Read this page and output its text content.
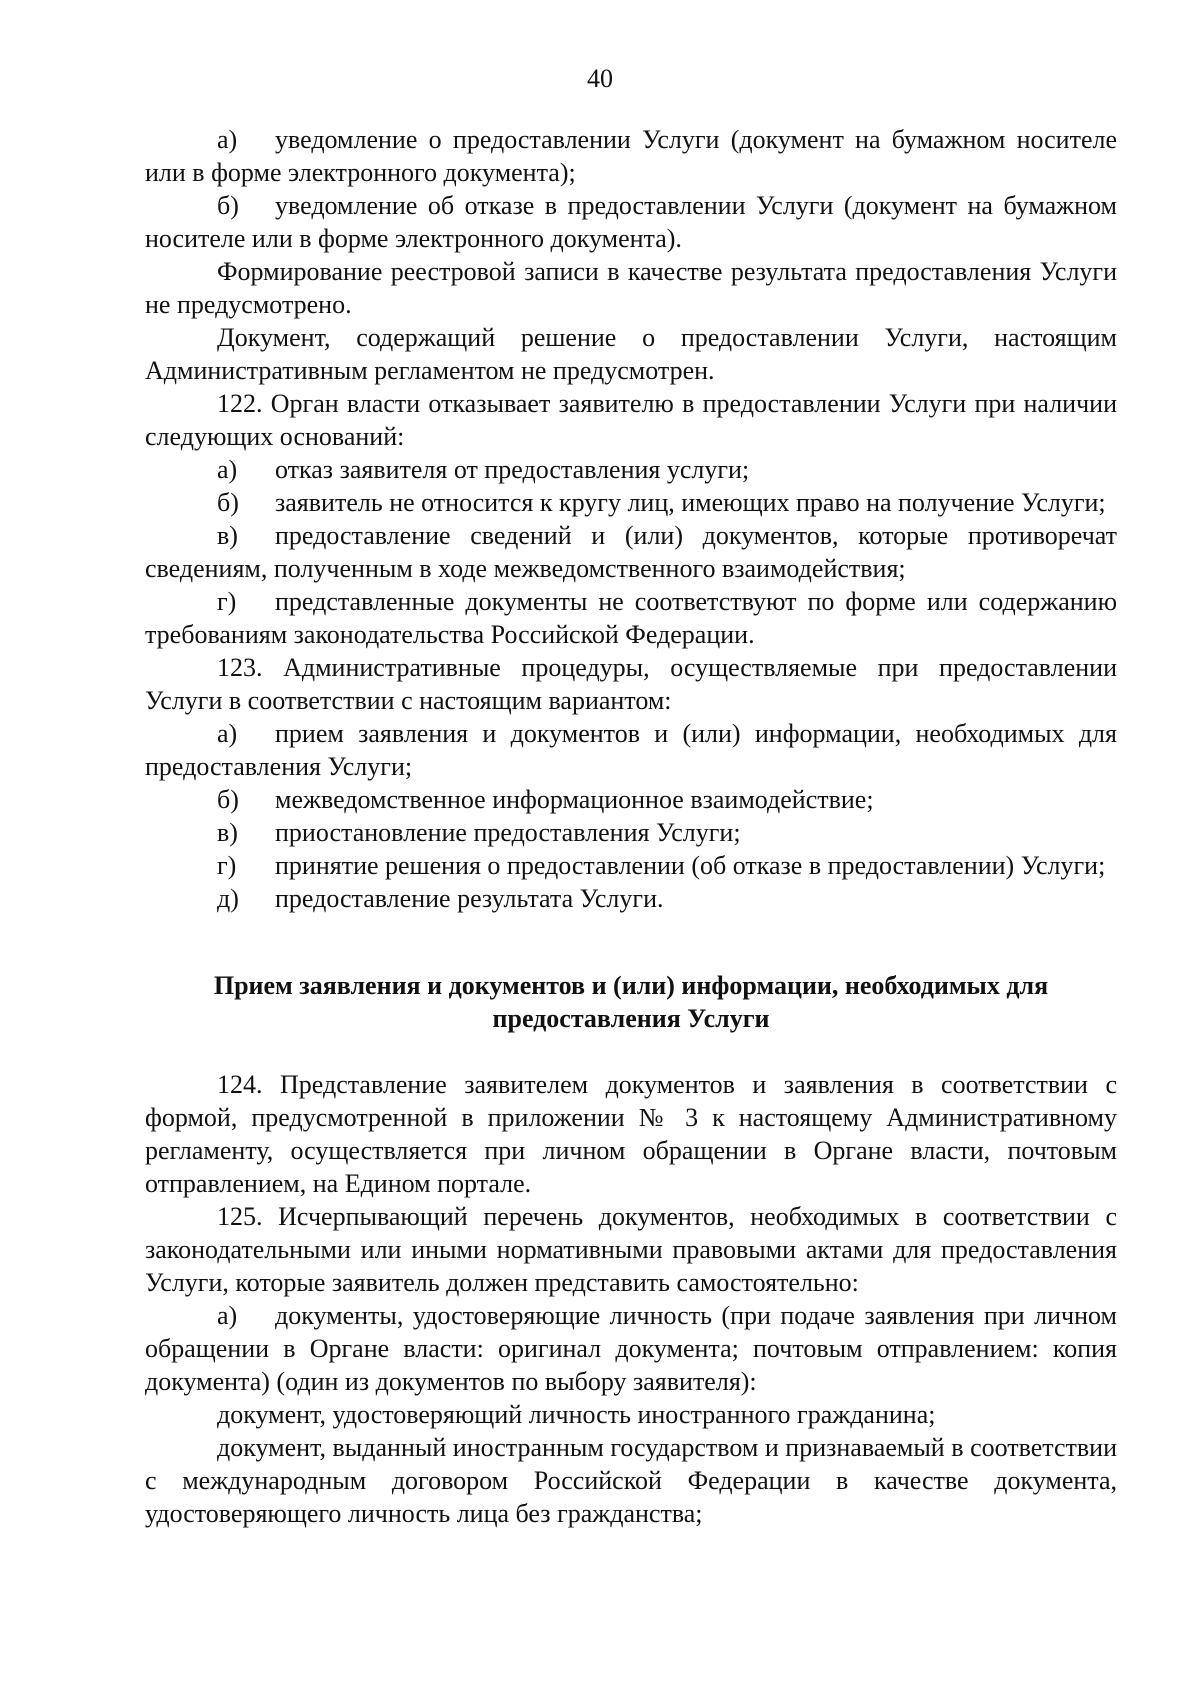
40

а) уведомление о предоставлении Услуги (документ на бумажном носителе или в форме электронного документа);

б) уведомление об отказе в предоставлении Услуги (документ на бумажном носителе или в форме электронного документа).

Формирование реестровой записи в качестве результата предоставления Услуги не предусмотрено.

Документ, содержащий решение о предоставлении Услуги, настоящим Административным регламентом не предусмотрен.

122. Орган власти отказывает заявителю в предоставлении Услуги при наличии следующих оснований:

а) отказ заявителя от предоставления услуги;

б) заявитель не относится к кругу лиц, имеющих право на получение Услуги;

в) предоставление сведений и (или) документов, которые противоречат сведениям, полученным в ходе межведомственного взаимодействия;

г) представленные документы не соответствуют по форме или содержанию требованиям законодательства Российской Федерации.

123. Административные процедуры, осуществляемые при предоставлении Услуги в соответствии с настоящим вариантом:

а) прием заявления и документов и (или) информации, необходимых для предоставления Услуги;

б) межведомственное информационное взаимодействие;

в) приостановление предоставления Услуги;

г) принятие решения о предоставлении (об отказе в предоставлении) Услуги;

д) предоставление результата Услуги.

Прием заявления и документов и (или) информации, необходимых для
предоставления Услуги

124. Представление заявителем документов и заявления в соответствии с формой, предусмотренной в приложении № 3 к настоящему Административному регламенту, осуществляется при личном обращении в Органе власти, почтовым отправлением, на Едином портале.

125. Исчерпывающий перечень документов, необходимых в соответствии с законодательными или иными нормативными правовыми актами для предоставления Услуги, которые заявитель должен представить самостоятельно:

а) документы, удостоверяющие личность (при подаче заявления при личном обращении в Органе власти: оригинал документа; почтовым отправлением: копия документа) (один из документов по выбору заявителя):

документ, удостоверяющий личность иностранного гражданина;

документ, выданный иностранным государством и признаваемый в соответствии с международным договором Российской Федерации в качестве документа, удостоверяющего личность лица без гражданства;
